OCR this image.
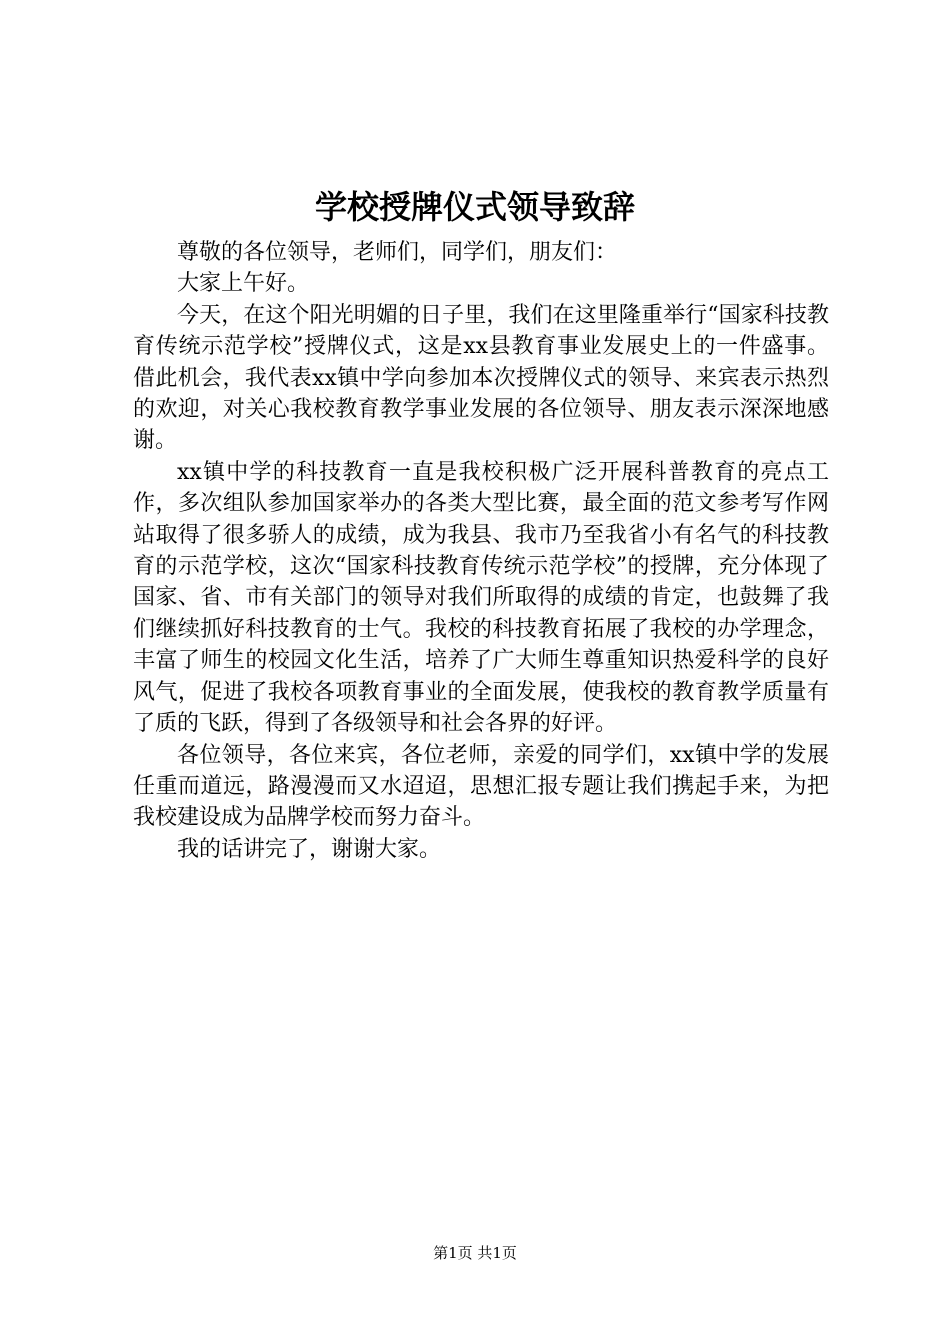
学校授牌仪式领导致辞

尊敬的各位领导，老师们，同学们，朋友们：

大家上午好。

今天，在这个阳光明媚的日子里，我们在这里隆重举行“国家科技教育传统示范学校”授牌仪式，这是xx县教育事业发展史上的一件盛事。借此机会，我代表xx镇中学向参加本次授牌仪式的领导、来宾表示热烈的欢迎，对关心我校教育教学事业发展的各位领导、朋友表示深深地感谢。

xx镇中学的科技教育一直是我校积极广泛开展科普教育的亮点工作，多次组队参加国家举办的各类大型比赛，最全面的范文参考写作网站取得了很多骄人的成绩，成为我县、我市乃至我省小有名气的科技教育的示范学校，这次“国家科技教育传统示范学校”的授牌，充分体现了国家、省、市有关部门的领导对我们所取得的成绩的肯定，也鼓舞了我们继续抓好科技教育的士气。我校的科技教育拓展了我校的办学理念，丰富了师生的校园文化生活，培养了广大师生尊重知识热爱科学的良好风气，促进了我校各项教育事业的全面发展，使我校的教育教学质量有了质的飞跃，得到了各级领导和社会各界的好评。

各位领导，各位来宾，各位老师，亲爱的同学们，xx镇中学的发展任重而道远，路漫漫而又水迢迢，思想汇报专题让我们携起手来，为把我校建设成为品牌学校而努力奋斗。

我的话讲完了，谢谢大家。

第1页 共1页
